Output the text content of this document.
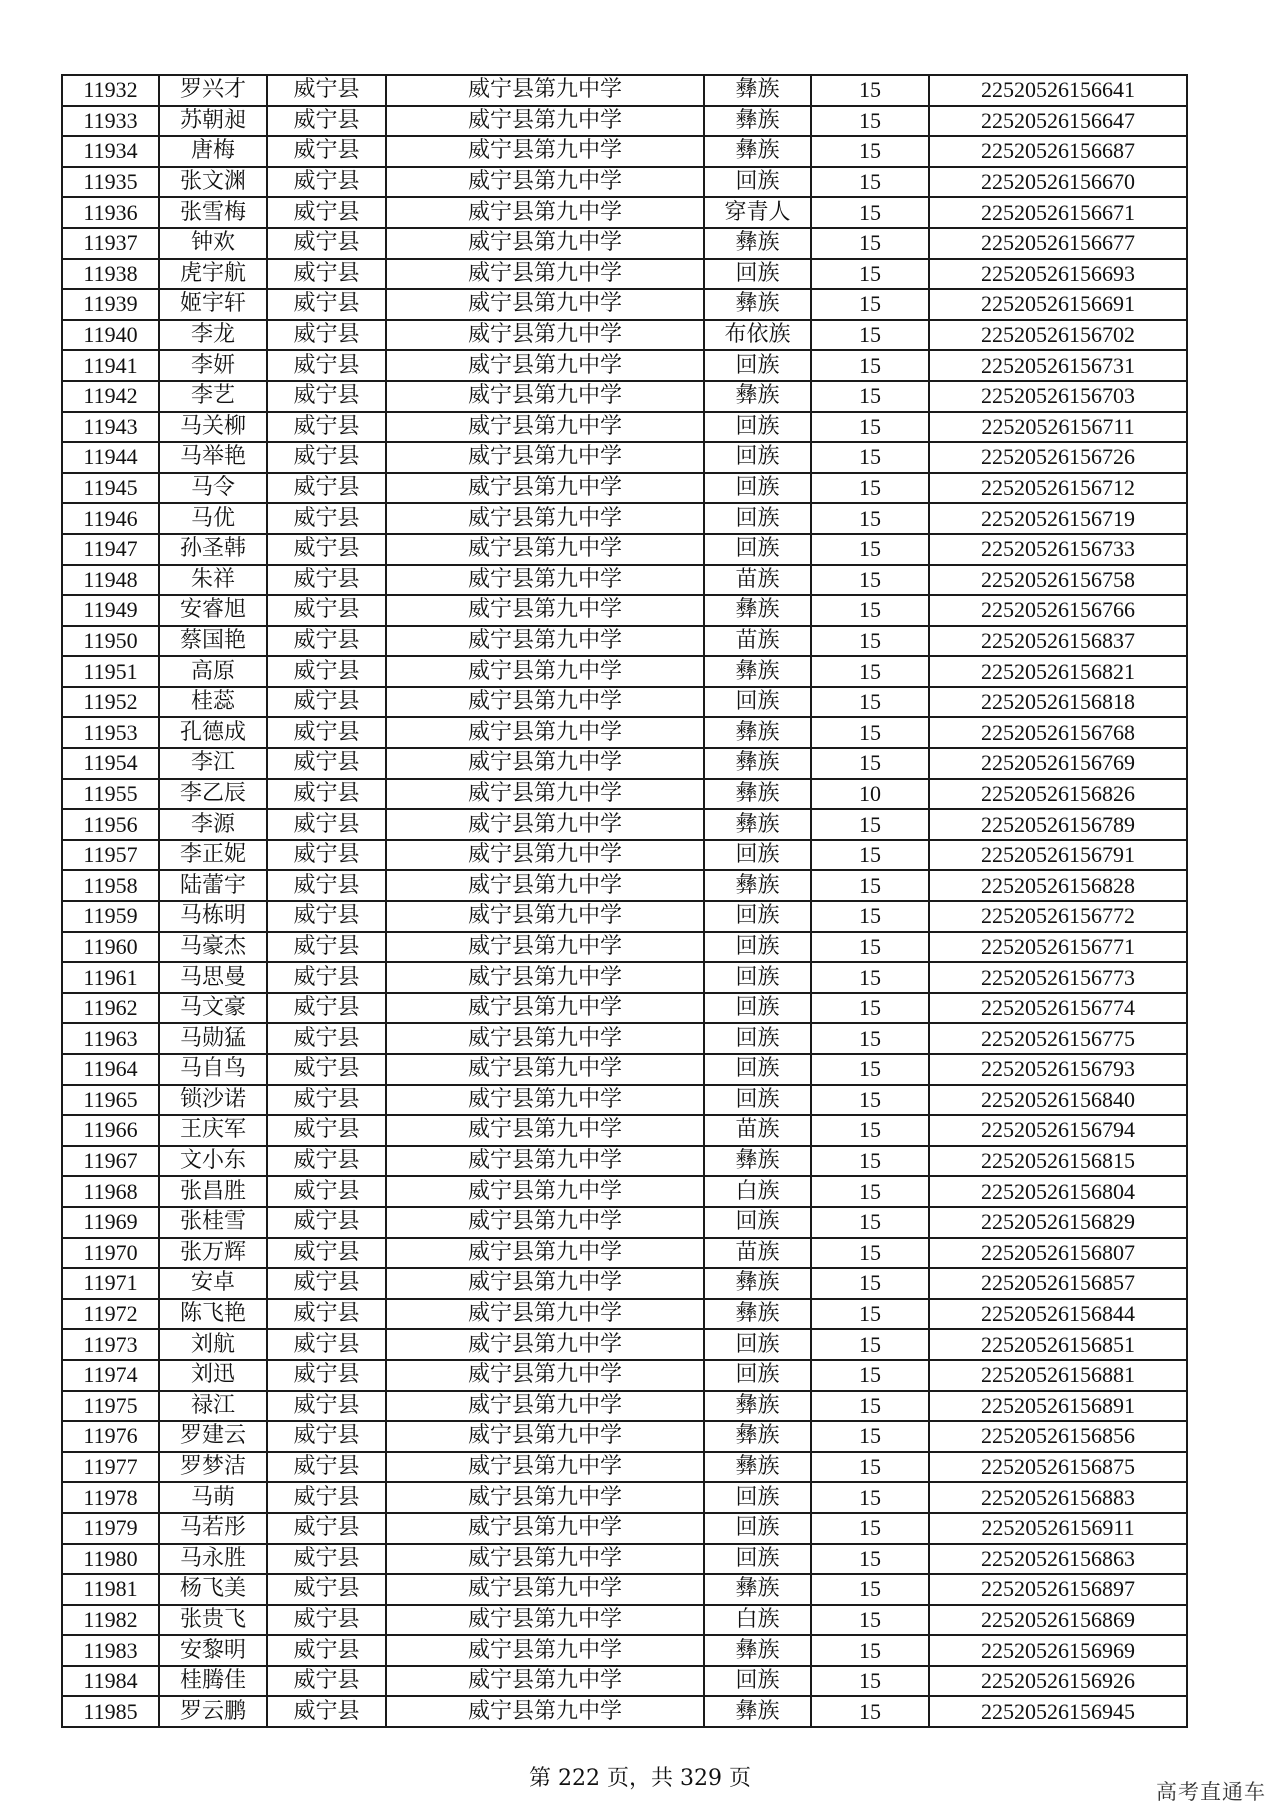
11932	罗兴才	威宁县	威宁县第九中学	彝族	15	22520526156641
11933	苏朝昶	威宁县	威宁县第九中学	彝族	15	22520526156647
11934	唐梅	威宁县	威宁县第九中学	彝族	15	22520526156687
11935	张文渊	威宁县	威宁县第九中学	回族	15	22520526156670
11936	张雪梅	威宁县	威宁县第九中学	穿青人	15	22520526156671
11937	钟欢	威宁县	威宁县第九中学	彝族	15	22520526156677
11938	虎宇航	威宁县	威宁县第九中学	回族	15	22520526156693
11939	姬宇轩	威宁县	威宁县第九中学	彝族	15	22520526156691
11940	李龙	威宁县	威宁县第九中学	布依族	15	22520526156702
11941	李妍	威宁县	威宁县第九中学	回族	15	22520526156731
11942	李艺	威宁县	威宁县第九中学	彝族	15	22520526156703
11943	马关柳	威宁县	威宁县第九中学	回族	15	22520526156711
11944	马举艳	威宁县	威宁县第九中学	回族	15	22520526156726
11945	马令	威宁县	威宁县第九中学	回族	15	22520526156712
11946	马优	威宁县	威宁县第九中学	回族	15	22520526156719
11947	孙圣韩	威宁县	威宁县第九中学	回族	15	22520526156733
11948	朱祥	威宁县	威宁县第九中学	苗族	15	22520526156758
11949	安睿旭	威宁县	威宁县第九中学	彝族	15	22520526156766
11950	蔡国艳	威宁县	威宁县第九中学	苗族	15	22520526156837
11951	高原	威宁县	威宁县第九中学	彝族	15	22520526156821
11952	桂蕊	威宁县	威宁县第九中学	回族	15	22520526156818
11953	孔德成	威宁县	威宁县第九中学	彝族	15	22520526156768
11954	李江	威宁县	威宁县第九中学	彝族	15	22520526156769
11955	李乙辰	威宁县	威宁县第九中学	彝族	10	22520526156826
11956	李源	威宁县	威宁县第九中学	彝族	15	22520526156789
11957	李正妮	威宁县	威宁县第九中学	回族	15	22520526156791
11958	陆蕾宇	威宁县	威宁县第九中学	彝族	15	22520526156828
11959	马栋明	威宁县	威宁县第九中学	回族	15	22520526156772
11960	马豪杰	威宁县	威宁县第九中学	回族	15	22520526156771
11961	马思曼	威宁县	威宁县第九中学	回族	15	22520526156773
11962	马文豪	威宁县	威宁县第九中学	回族	15	22520526156774
11963	马勋猛	威宁县	威宁县第九中学	回族	15	22520526156775
11964	马自鸟	威宁县	威宁县第九中学	回族	15	22520526156793
11965	锁沙诺	威宁县	威宁县第九中学	回族	15	22520526156840
11966	王庆军	威宁县	威宁县第九中学	苗族	15	22520526156794
11967	文小东	威宁县	威宁县第九中学	彝族	15	22520526156815
11968	张昌胜	威宁县	威宁县第九中学	白族	15	22520526156804
11969	张桂雪	威宁县	威宁县第九中学	回族	15	22520526156829
11970	张万辉	威宁县	威宁县第九中学	苗族	15	22520526156807
11971	安卓	威宁县	威宁县第九中学	彝族	15	22520526156857
11972	陈飞艳	威宁县	威宁县第九中学	彝族	15	22520526156844
11973	刘航	威宁县	威宁县第九中学	回族	15	22520526156851
11974	刘迅	威宁县	威宁县第九中学	回族	15	22520526156881
11975	禄江	威宁县	威宁县第九中学	彝族	15	22520526156891
11976	罗建云	威宁县	威宁县第九中学	彝族	15	22520526156856
11977	罗梦洁	威宁县	威宁县第九中学	彝族	15	22520526156875
11978	马萌	威宁县	威宁县第九中学	回族	15	22520526156883
11979	马若彤	威宁县	威宁县第九中学	回族	15	22520526156911
11980	马永胜	威宁县	威宁县第九中学	回族	15	22520526156863
11981	杨飞美	威宁县	威宁县第九中学	彝族	15	22520526156897
11982	张贵飞	威宁县	威宁县第九中学	白族	15	22520526156869
11983	安黎明	威宁县	威宁县第九中学	彝族	15	22520526156969
11984	桂腾佳	威宁县	威宁县第九中学	回族	15	22520526156926
11985	罗云鹏	威宁县	威宁县第九中学	彝族	15	22520526156945
第 222 页，共 329 页
高考直通车
